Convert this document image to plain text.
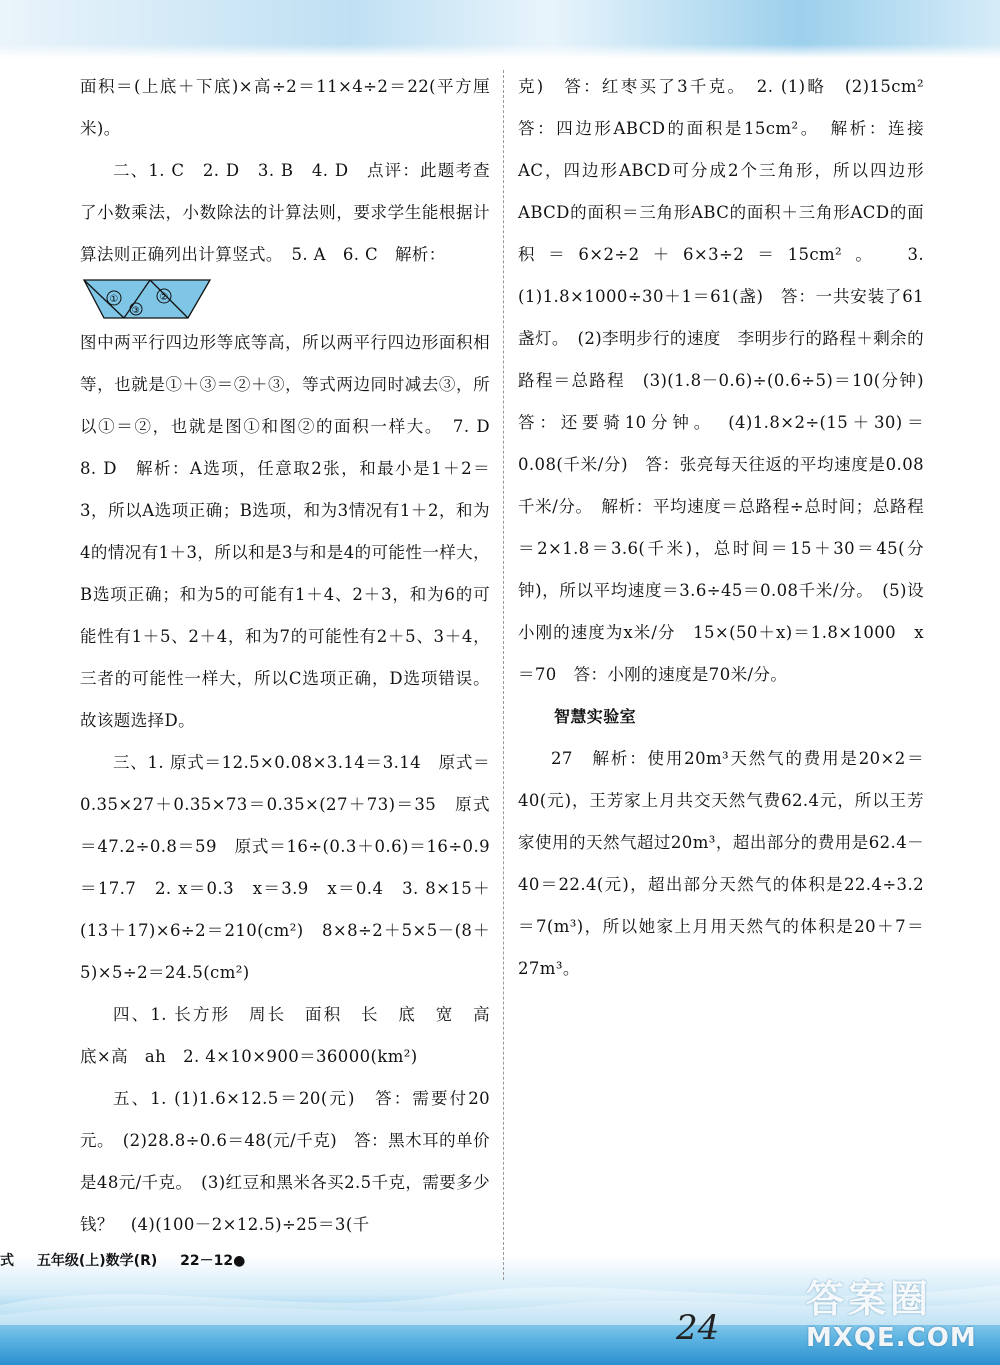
面积＝(上底＋下底)×高÷2＝11×4÷2＝22(平方厘米)。

二、1. C　2. D　3. B　4. D　点评：此题考查了小数乘法，小数除法的计算法则，要求学生能根据计算法则正确列出计算竖式。　5. A　6. C　解析：

①
③
②

图中两平行四边形等底等高，所以两平行四边形面积相等，也就是①＋③＝②＋③，等式两边同时减去③，所以①＝②，也就是图①和图②的面积一样大。　7. D　8. D　解析：A选项，任意取2张，和最小是1＋2＝3，所以A选项正确；B选项，和为3情况有1＋2，和为4的情况有1＋3，所以和是3与和是4的可能性一样大，B选项正确；和为5的可能有1＋4、2＋3，和为6的可能性有1＋5、2＋4，和为7的可能性有2＋5、3＋4，三者的可能性一样大，所以C选项正确，D选项错误。故该题选择D。

三、1. 原式＝12.5×0.08×3.14＝3.14　原式＝0.35×27＋0.35×73＝0.35×(27＋73)＝35　原式＝47.2÷0.8＝59　原式＝16÷(0.3＋0.6)＝16÷0.9＝17.7　2. x＝0.3　x＝3.9　x＝0.4　3. 8×15＋(13＋17)×6÷2＝210(cm²)　8×8÷2＋5×5－(8＋5)×5÷2＝24.5(cm²)

四、1. 长方形　周长　面积　长　底　宽　高　底×高　ah　2. 4×10×900＝36000(km²)

五、1. (1)1.6×12.5＝20(元)　答：需要付20元。　(2)28.8÷0.6＝48(元/千克)　答：黑木耳的单价是48元/千克。　(3)红豆和黑米各买2.5千克，需要多少钱？　(4)(100－2×12.5)÷25＝3(千

克)　答：红枣买了3千克。　2. (1)略　(2)15cm²　答：四边形ABCD的面积是15cm²。　解析：连接AC，四边形ABCD可分成2个三角形，所以四边形ABCD的面积＝三角形ABC的面积＋三角形ACD的面积＝6×2÷2＋6×3÷2＝15cm²。　3. (1)1.8×1000÷30＋1＝61(盏)　答：一共安装了61盏灯。　(2)李明步行的速度　李明步行的路程＋剩余的路程＝总路程　(3)(1.8－0.6)÷(0.6÷5)＝10(分钟)　答：还要骑10分钟。　(4)1.8×2÷(15＋30)＝0.08(千米/分)　答：张亮每天往返的平均速度是0.08千米/分。　解析：平均速度＝总路程÷总时间；总路程＝2×1.8＝3.6(千米)，总时间＝15＋30＝45(分钟)，所以平均速度＝3.6÷45＝0.08千米/分。　(5)设小刚的速度为x米/分　15×(50＋x)＝1.8×1000　x＝70　答：小刚的速度是70米/分。

智慧实验室

27　解析：使用20m³天然气的费用是20×2＝40(元)，王芳家上月共交天然气费62.4元，所以王芳家使用的天然气超过20m³，超出部分的费用是62.4－40＝22.4(元)，超出部分天然气的体积是22.4÷3.2＝7(m³)，所以她家上月用天然气的体积是20＋7＝27m³。

式 五年级(上)数学(R) 22－12●
24
答案圈
MXQE.COM
